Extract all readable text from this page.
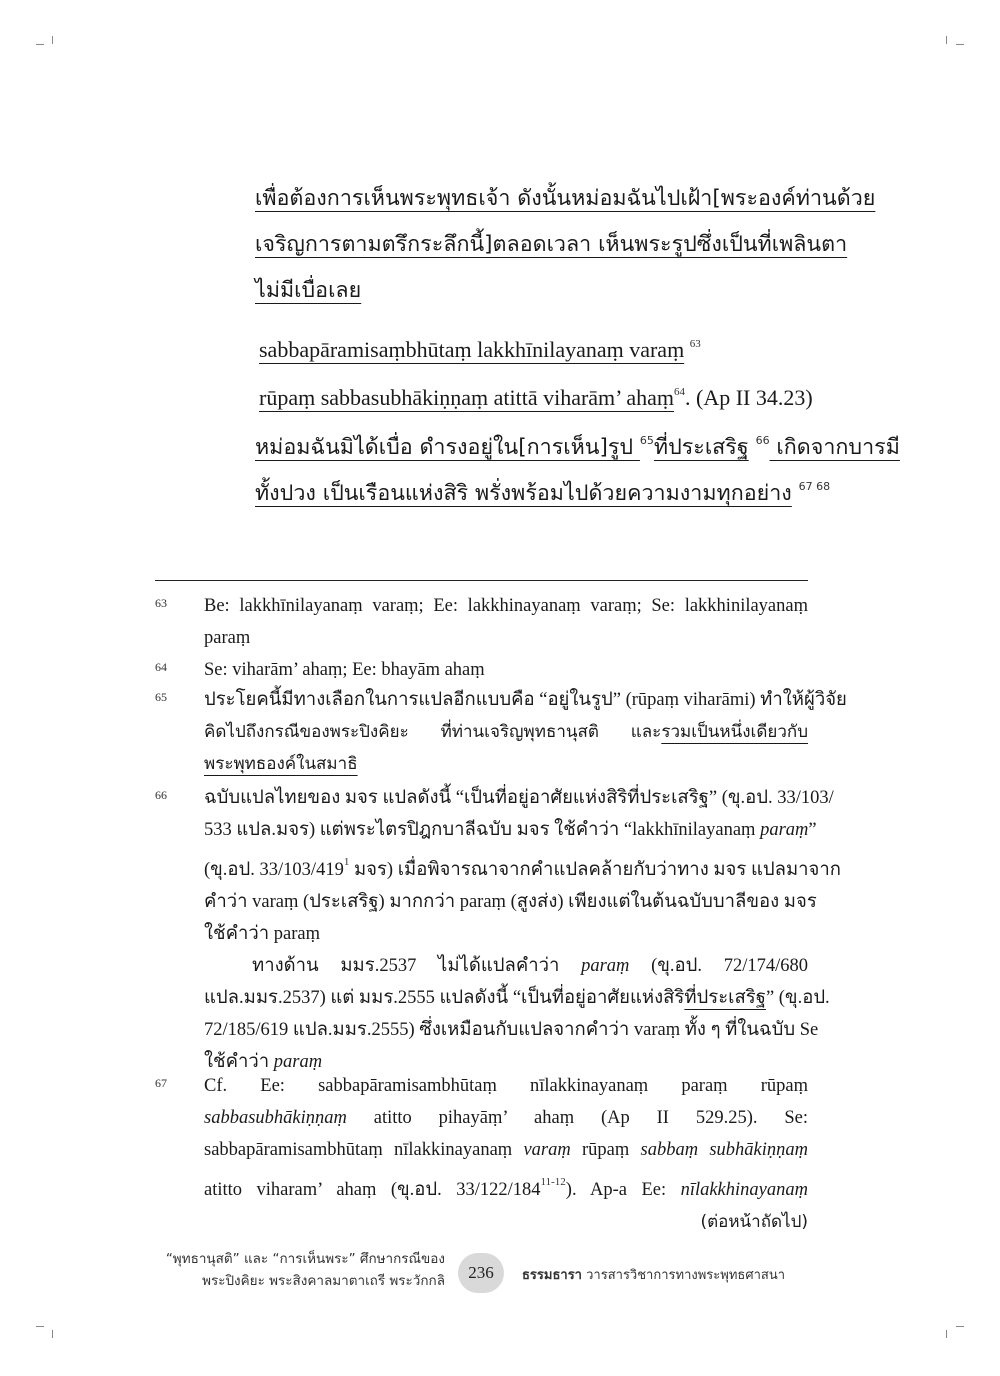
เพื่อต้องการเห็นพระพุทธเจ้า ดังนั้นหม่อมฉันไปเฝ้า[พระองค์ท่านด้วย
เจริญการตามตรึกระลึกนี้]ตลอดเวลา เห็นพระรูปซึ่งเป็นที่เพลินตา
ไม่มีเบื่อเลย
sabbapāramisaṃbhūtaṃ lakkhīnilayanaṃ varaṃ $^{63}$
rūpaṃ sabbasubhākiṇṇaṃ atittā viharām’ ahaṃ$^{64}$. (Ap II 34.23)
หม่อมฉันมิได้เบื่อ ดำรงอยู่ใน[การเห็น]รูป $^{65}$ที่ประเสริฐ $^{66}$ เกิดจากบารมี
ทั้งปวง เป็นเรือนแห่งสิริ พรั่งพร้อมไปด้วยความงามทุกอย่าง $^{67 68}$
63 Be: lakkhīnilayanaṃ varaṃ; Ee: lakkhinayanaṃ varaṃ; Se: lakkhinilayanaṃ
paraṃ
64 Se: viharām’ ahaṃ; Ee: bhayām ahaṃ
65 ประโยคนี้มีทางเลือกในการแปลอีกแบบคือ “อยู่ในรูป” (rūpaṃ viharāmi) ทำให้ผู้วิจัย
คิดไปถึงกรณีของพระปิงคิยะ ที่ท่านเจริญพุทธานุสติ และรวมเป็นหนึ่งเดียวกับ
พระพุทธองค์ในสมาธิ
66 ฉบับแปลไทยของ มจร แปลดังนี้ “เป็นที่อยู่อาศัยแห่งสิริที่ประเสริฐ” (ขุ.อป. 33/103/
533 แปล.มจร) แต่พระไตรปิฎกบาลีฉบับ มจร ใช้คำว่า “lakkhīnilayanaṃ paraṃ”
(ขุ.อป. $33/103/419^1$ มจร) เมื่อพิจารณาจากคำแปลคล้ายกับว่าทาง มจร แปลมาจาก
คำว่า varaṃ (ประเสริฐ) มากกว่า paraṃ (สูงส่ง) เพียงแต่ในต้นฉบับบาลีของ มจร
ใช้คำว่า paraṃ
ทางด้าน มมร.2537 ไม่ได้แปลคำว่า paraṃ (ขุ.อป. 72/174/680
แปล.มมร.2537) แต่ มมร.2555 แปลดังนี้ “เป็นที่อยู่อาศัยแห่งสิริที่ประเสริฐ” (ขุ.อป.
72/185/619 แปล.มมร.2555) ซึ่งเหมือนกับแปลจากคำว่า varaṃ ทั้ง ๆ ที่ในฉบับ Se
ใช้คำว่า paraṃ
67 Cf. Ee: sabbapāramisambhūtaṃ nīlakkinayanaṃ paraṃ rūpaṃ
sabbasubhākiṇṇaṃ atitto pihayāṃ’ ahaṃ (Ap II 529.25). Se:
sabbapāramisambhūtaṃ nīlakkinayanaṃ varaṃ rūpaṃ sabbaṃ subhākiṇṇaṃ
atitto viharam’ ahaṃ (ขุ.อป. 33/122/184$^{11-12}$). Ap-a Ee: nīlakkhinayanaṃ
(ต่อหน้าถัดไป)
“พุทธานุสติ” และ “การเห็นพระ” ศึกษากรณีของ
พระปิงคิยะ พระสิงคาลมาตาเถรี พระวักกลิ	236	ธรรมธารา วารสารวิชาการทางพระพุทธศาสนา
